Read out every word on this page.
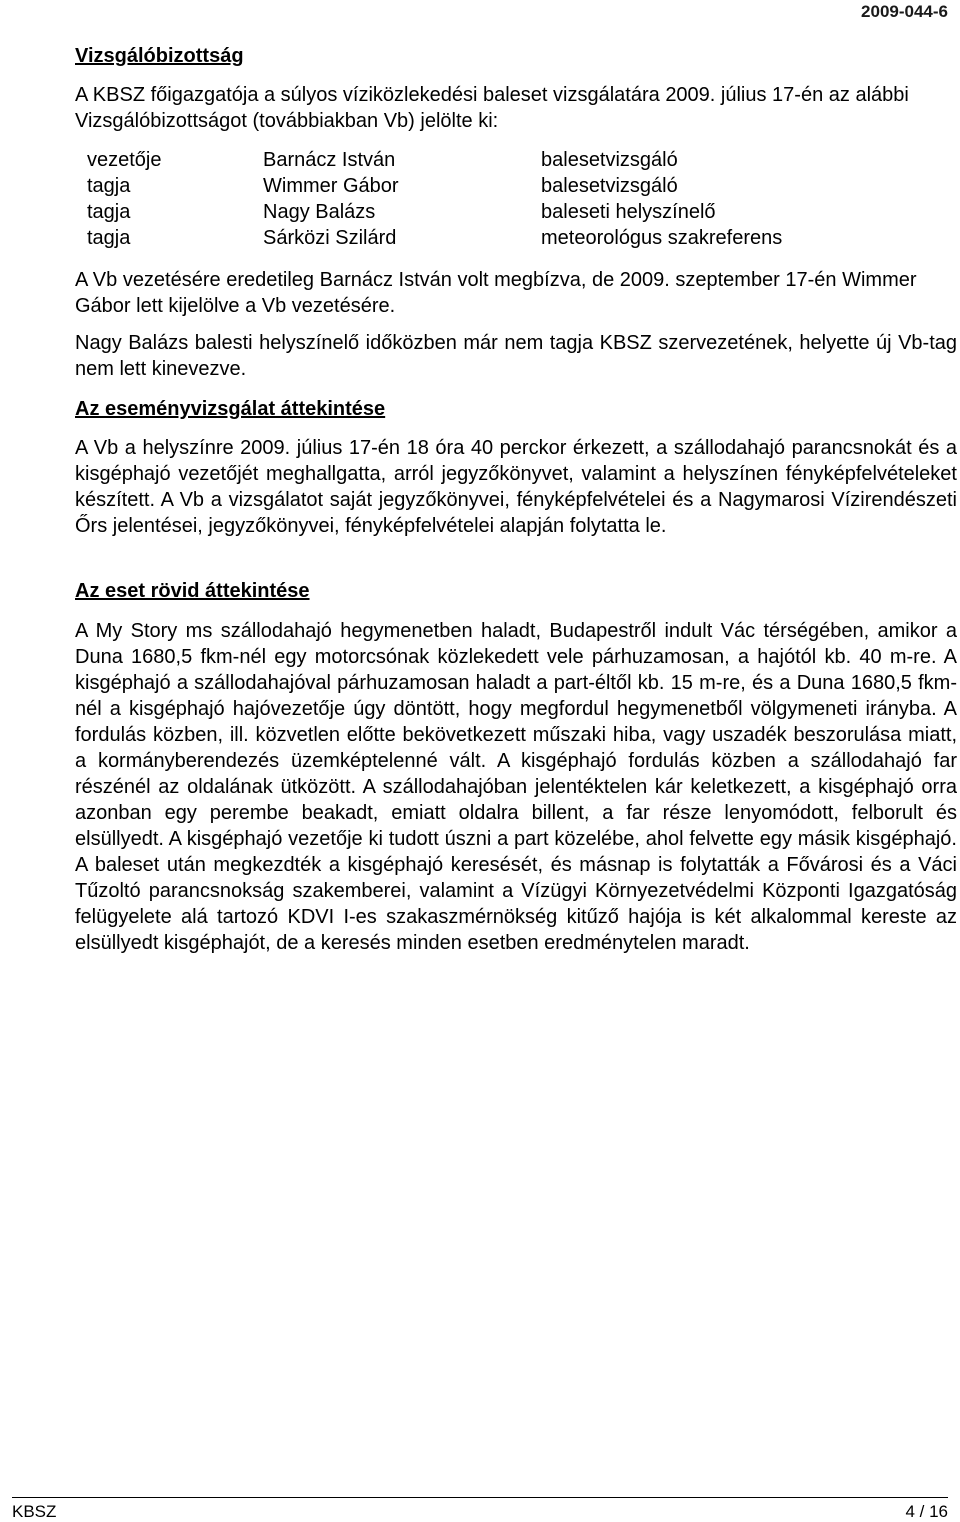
2009-044-6
Vizsgálóbizottság

A KBSZ főigazgatója a súlyos víziközlekedési baleset vizsgálatára 2009. július 17-én az alábbi Vizsgálóbizottságot (továbbiakban Vb) jelölte ki:

vezetője	Barnácz István	balesetvizsgáló
tagja	Wimmer Gábor	balesetvizsgáló
tagja	Nagy Balázs	baleseti helyszínelő
tagja	Sárközi Szilárd	meteorológus szakreferens

A Vb vezetésére eredetileg Barnácz István volt megbízva, de 2009. szeptember 17-én Wimmer Gábor lett kijelölve a Vb vezetésére.

Nagy Balázs balesti helyszínelő időközben már nem tagja KBSZ szervezetének, helyette új Vb-tag nem lett kinevezve.

Az eseményvizsgálat áttekintése

A Vb a helyszínre 2009. július 17-én 18 óra 40 perckor érkezett, a szállodahajó parancsnokát és a kisgéphajó vezetőjét meghallgatta, arról jegyzőkönyvet, valamint a helyszínen fényképfelvételeket készített. A Vb a vizsgálatot saját jegyzőkönyvei, fényképfelvételei és a Nagymarosi Vízirendészeti Őrs jelentései, jegyzőkönyvei, fényképfelvételei alapján folytatta le.

Az eset rövid áttekintése

A My Story ms szállodahajó hegymenetben haladt, Budapestről indult Vác térségében, amikor a Duna 1680,5 fkm-nél egy motorcsónak közlekedett vele párhuzamosan, a hajótól kb. 40 m-re. A kisgéphajó a szállodahajóval párhuzamosan haladt a part-éltől kb. 15 m-re, és a Duna 1680,5 fkm-nél a kisgéphajó hajóvezetője úgy döntött, hogy megfordul hegymenetből völgymeneti irányba. A fordulás közben, ill. közvetlen előtte bekövetkezett műszaki hiba, vagy uszadék beszorulása miatt, a kormányberendezés üzemképtelenné vált. A kisgéphajó fordulás közben a szállodahajó far részénél az oldalának ütközött. A szállodahajóban jelentéktelen kár keletkezett, a kisgéphajó orra azonban egy perembe beakadt, emiatt oldalra billent, a far része lenyomódott, felborult és elsüllyedt. A kisgéphajó vezetője ki tudott úszni a part közelébe, ahol felvette egy másik kisgéphajó. A baleset után megkezdték a kisgéphajó keresését, és másnap is folytatták a Fővárosi és a Váci Tűzoltó parancsnokság szakemberei, valamint a Vízügyi Környezetvédelmi Központi Igazgatóság felügyelete alá tartozó KDVI I-es szakaszmérnökség kitűző hajója is két alkalommal kereste az elsüllyedt kisgéphajót, de a keresés minden esetben eredménytelen maradt.

KBSZ	4 / 16
